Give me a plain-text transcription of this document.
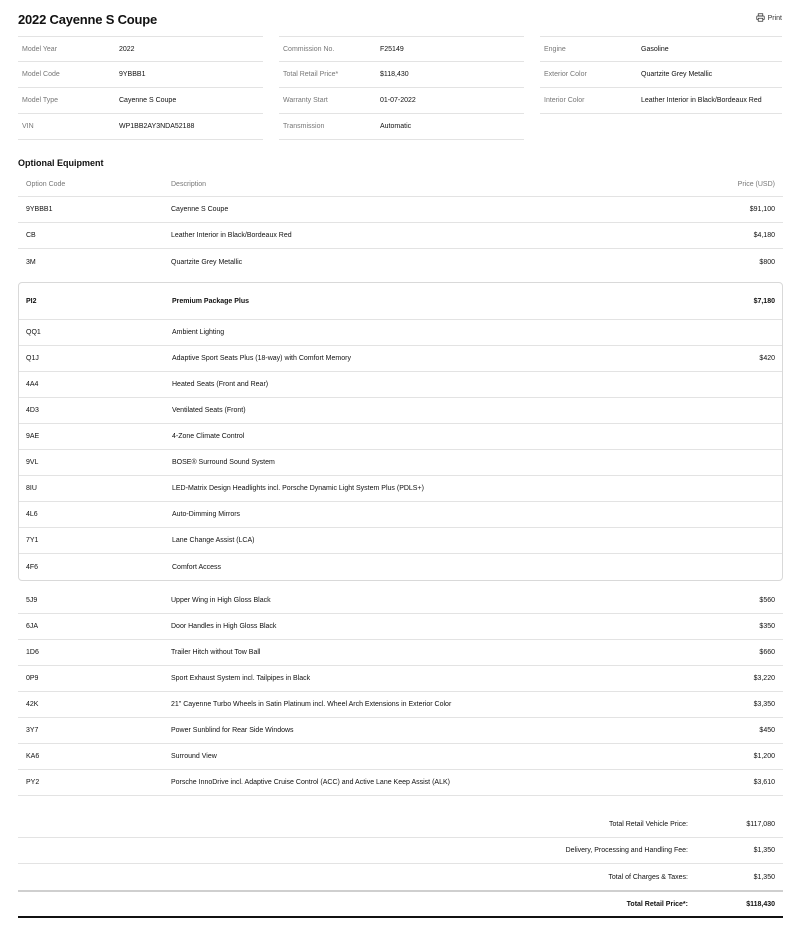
2022 Cayenne S Coupe	Print
Model Year	2022
Model Code	9YBBB1
Model Type	Cayenne S Coupe
VIN	WP1BB2AY3NDA52188
Commission No.	F25149
Total Retail Price*	$118,430
Warranty Start	01-07-2022
Transmission	Automatic
Engine	Gasoline
Exterior Color	Quartzite Grey Metallic
Interior Color	Leather Interior in Black/Bordeaux Red
Optional Equipment
Option Code	Description	Price (USD)
9YBBB1	Cayenne S Coupe	$91,100
CB	Leather Interior in Black/Bordeaux Red	$4,180
3M	Quartzite Grey Metallic	$800
PI2	Premium Package Plus	$7,180
QQ1	Ambient Lighting
Q1J	Adaptive Sport Seats Plus (18-way) with Comfort Memory	$420
4A4	Heated Seats (Front and Rear)
4D3	Ventilated Seats (Front)
9AE	4-Zone Climate Control
9VL	BOSE® Surround Sound System
8IU	LED-Matrix Design Headlights incl. Porsche Dynamic Light System Plus (PDLS+)
4L6	Auto-Dimming Mirrors
7Y1	Lane Change Assist (LCA)
4F6	Comfort Access
5J9	Upper Wing in High Gloss Black	$560
6JA	Door Handles in High Gloss Black	$350
1D6	Trailer Hitch without Tow Ball	$660
0P9	Sport Exhaust System incl. Tailpipes in Black	$3,220
42K	21" Cayenne Turbo Wheels in Satin Platinum incl. Wheel Arch Extensions in Exterior Color	$3,350
3Y7	Power Sunblind for Rear Side Windows	$450
KA6	Surround View	$1,200
PY2	Porsche InnoDrive incl. Adaptive Cruise Control (ACC) and Active Lane Keep Assist (ALK)	$3,610
Total Retail Vehicle Price:	$117,080
Delivery, Processing and Handling Fee:	$1,350
Total of Charges & Taxes:	$1,350
Total Retail Price*:	$118,430
